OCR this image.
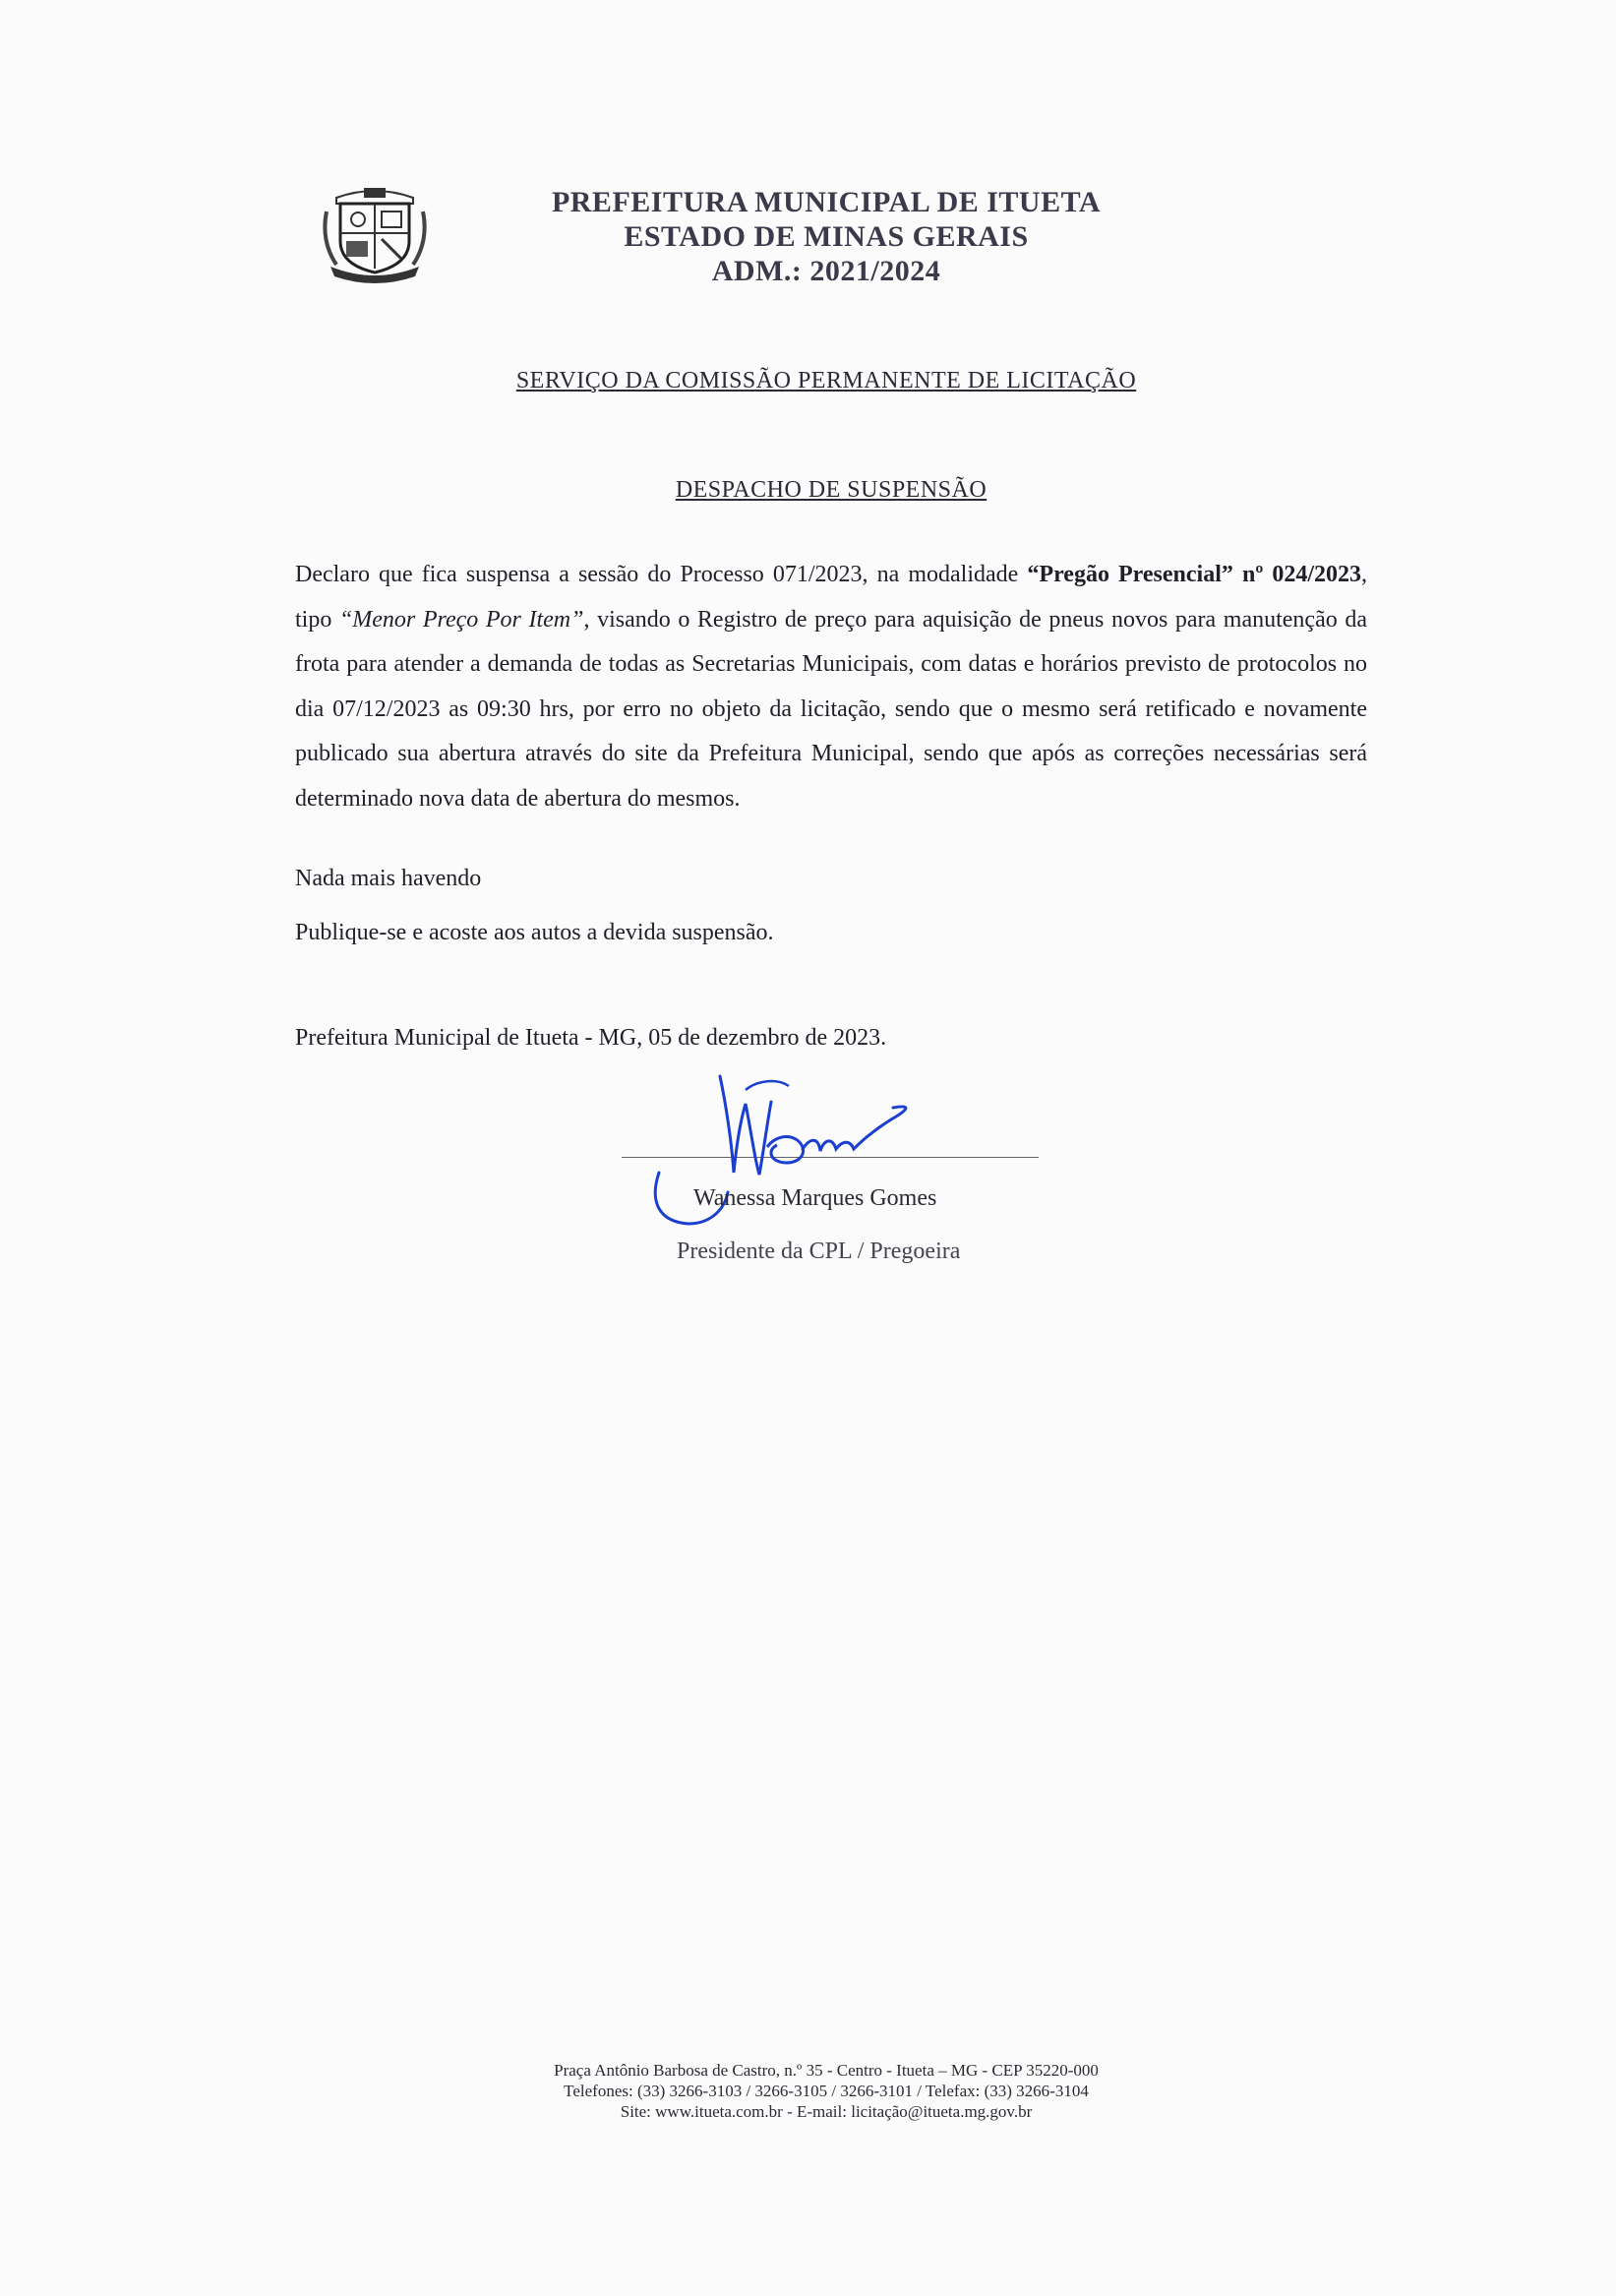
PREFEITURA MUNICIPAL DE ITUETA
ESTADO DE MINAS GERAIS
ADM.: 2021/2024
SERVIÇO DA COMISSÃO PERMANENTE DE LICITAÇÃO
DESPACHO DE SUSPENSÃO
Declaro que fica suspensa a sessão do Processo 071/2023, na modalidade “Pregão Presencial” nº 024/2023, tipo “Menor Preço Por Item”, visando o Registro de preço para aquisição de pneus novos para manutenção da frota para atender a demanda de todas as Secretarias Municipais, com datas e horários previsto de protocolos no dia 07/12/2023 as 09:30 hrs, por erro no objeto da licitação, sendo que o mesmo será retificado e novamente publicado sua abertura através do site da Prefeitura Municipal, sendo que após as correções necessárias será determinado nova data de abertura do mesmos.
Nada mais havendo
Publique-se e acoste aos autos a devida suspensão.
Prefeitura Municipal de Itueta - MG, 05 de dezembro de 2023.
Wanessa Marques Gomes
Presidente da CPL / Pregoeira
Praça Antônio Barbosa de Castro, n.º 35 - Centro - Itueta – MG - CEP 35220-000
Telefones: (33) 3266-3103 / 3266-3105 / 3266-3101 / Telefax: (33) 3266-3104
Site: www.itueta.com.br - E-mail: licitação@itueta.mg.gov.br
